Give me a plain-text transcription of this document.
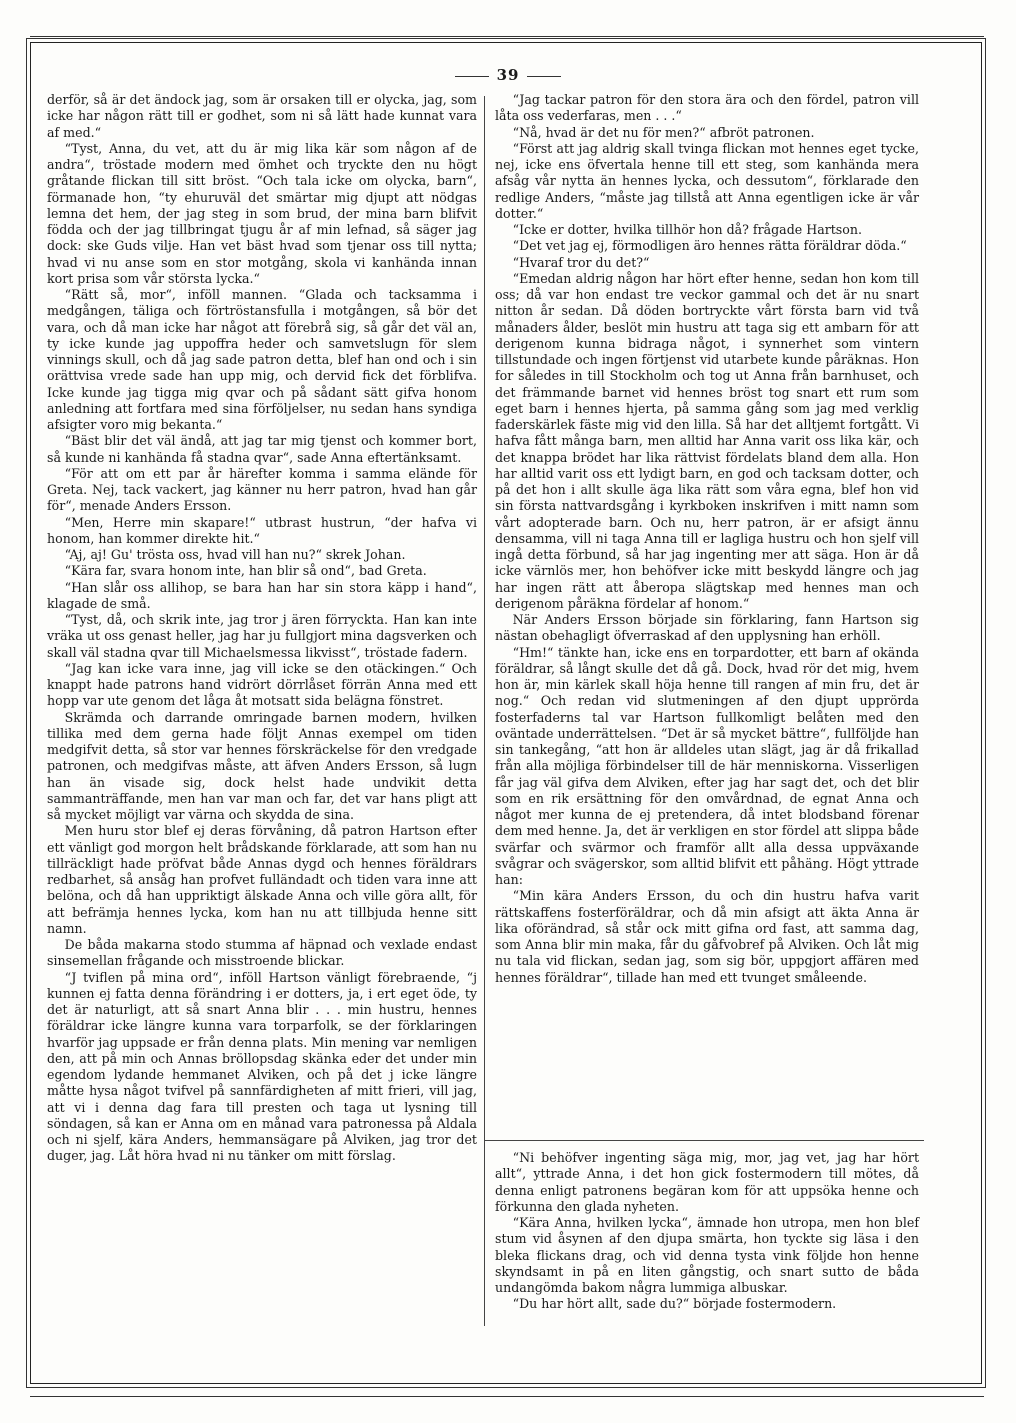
39

derför, så är det ändock jag, som är orsaken till er olycka, jag, som icke har någon rätt till er godhet, som ni så lätt hade kunnat vara af med.“

“Tyst, Anna, du vet, att du är mig lika kär som någon af de andra“, tröstade modern med ömhet och tryckte den nu högt gråtande flickan till sitt bröst. “Och tala icke om olycka, barn“, förmanade hon, “ty ehuruväl det smärtar mig djupt att nödgas lemna det hem, der jag steg in som brud, der mina barn blifvit födda och der jag tillbringat tjugu år af min lefnad, så säger jag dock: ske Guds vilje. Han vet bäst hvad som tjenar oss till nytta; hvad vi nu anse som en stor motgång, skola vi kanhända innan kort prisa som vår största lycka.“

“Rätt så, mor“, inföll mannen. “Glada och tacksamma i medgången, täliga och förtröstansfulla i motgången, så bör det vara, och då man icke har något att förebrå sig, så går det väl an, ty icke kunde jag uppoffra heder och samvetslugn för slem vinnings skull, och då jag sade patron detta, blef han ond och i sin orättvisa vrede sade han upp mig, och dervid fick det förblifva. Icke kunde jag tigga mig qvar och på sådant sätt gifva honom anledning att fortfara med sina förföljelser, nu sedan hans syndiga afsigter voro mig bekanta.“

“Bäst blir det väl ändå, att jag tar mig tjenst och kommer bort, så kunde ni kanhända få stadna qvar“, sade Anna eftertänksamt.

“För att om ett par år härefter komma i samma elände för Greta. Nej, tack vackert, jag känner nu herr patron, hvad han går för“, menade Anders Ersson.

“Men, Herre min skapare!“ utbrast hustrun, “der hafva vi honom, han kommer direkte hit.“

“Aj, aj! Gu' trösta oss, hvad vill han nu?“ skrek Johan.

“Kära far, svara honom inte, han blir så ond“, bad Greta.

“Han slår oss allihop, se bara han har sin stora käpp i hand“, klagade de små.

“Tyst, då, och skrik inte, jag tror j ären förryckta. Han kan inte vräka ut oss genast heller, jag har ju fullgjort mina dagsverken och skall väl stadna qvar till Michaelsmessa likvisst“, tröstade fadern.

“Jag kan icke vara inne, jag vill icke se den otäckingen.“ Och knappt hade patrons hand vidrört dörrlåset förrän Anna med ett hopp var ute genom det låga åt motsatt sida belägna fönstret.

Skrämda och darrande omringade barnen modern, hvilken tillika med dem gerna hade följt Annas exempel om tiden medgifvit detta, så stor var hennes förskräckelse för den vredgade patronen, och medgifvas måste, att äfven Anders Ersson, så lugn han än visade sig, dock helst hade undvikit detta sammanträffande, men han var man och far, det var hans pligt att så mycket möjligt var värna och skydda de sina.

Men huru stor blef ej deras förvåning, då patron Hartson efter ett vänligt god morgon helt brådskande förklarade, att som han nu tillräckligt hade pröfvat både Annas dygd och hennes föräldrars redbarhet, så ansåg han profvet fulländadt och tiden vara inne att belöna, och då han uppriktigt älskade Anna och ville göra allt, för att befrämja hennes lycka, kom han nu att tillbjuda henne sitt namn.

De båda makarna stodo stumma af häpnad och vexlade endast sinsemellan frågande och misstroende blickar.

“J tviflen på mina ord“, inföll Hartson vänligt förebraende, “j kunnen ej fatta denna förändring i er dotters, ja, i ert eget öde, ty det är naturligt, att så snart Anna blir . . . min hustru, hennes föräldrar icke längre kunna vara torparfolk, se der förklaringen hvarför jag uppsade er från denna plats. Min mening var nemligen den, att på min och Annas bröllopsdag skänka eder det under min egendom lydande hemmanet Alviken, och på det j icke längre måtte hysa något tvifvel på sannfärdigheten af mitt frieri, vill jag, att vi i denna dag fara till presten och taga ut lysning till söndagen, så kan er Anna om en månad vara patronessa på Aldala och ni sjelf, kära Anders, hemmansägare på Alviken, jag tror det duger, jag. Låt höra hvad ni nu tänker om mitt förslag.

“Jag tackar patron för den stora ära och den fördel, patron vill låta oss vederfaras, men . . .“

“Nå, hvad är det nu för men?“ afbröt patronen.

“Först att jag aldrig skall tvinga flickan mot hennes eget tycke, nej, icke ens öfvertala henne till ett steg, som kanhända mera afsåg vår nytta än hennes lycka, och dessutom“, förklarade den redlige Anders, “måste jag tillstå att Anna egentligen icke är vår dotter.“

“Icke er dotter, hvilka tillhör hon då? frågade Hartson.

“Det vet jag ej, förmodligen äro hennes rätta föräldrar döda.“

“Hvaraf tror du det?“

“Emedan aldrig någon har hört efter henne, sedan hon kom till oss; då var hon endast tre veckor gammal och det är nu snart nitton år sedan. Då döden bortryckte vårt första barn vid två månaders ålder, beslöt min hustru att taga sig ett ambarn för att derigenom kunna bidraga något, i synnerhet som vintern tillstundade och ingen förtjenst vid utarbete kunde påräknas. Hon for således in till Stockholm och tog ut Anna från barnhuset, och det främmande barnet vid hennes bröst tog snart ett rum som eget barn i hennes hjerta, på samma gång som jag med verklig faderskärlek fäste mig vid den lilla. Så har det alltjemt fortgått. Vi hafva fått många barn, men alltid har Anna varit oss lika kär, och det knappa brödet har lika rättvist fördelats bland dem alla. Hon har alltid varit oss ett lydigt barn, en god och tacksam dotter, och på det hon i allt skulle äga lika rätt som våra egna, blef hon vid sin första nattvardsgång i kyrkboken inskrifven i mitt namn som vårt adopterade barn. Och nu, herr patron, är er afsigt ännu densamma, vill ni taga Anna till er lagliga hustru och hon sjelf vill ingå detta förbund, så har jag ingenting mer att säga. Hon är då icke värnlös mer, hon behöfver icke mitt beskydd längre och jag har ingen rätt att åberopa slägtskap med hennes man och derigenom påräkna fördelar af honom.“

När Anders Ersson började sin förklaring, fann Hartson sig nästan obehagligt öfverraskad af den upplysning han erhöll.

“Hm!“ tänkte han, icke ens en torpardotter, ett barn af okända föräldrar, så långt skulle det då gå. Dock, hvad rör det mig, hvem hon är, min kärlek skall höja henne till rangen af min fru, det är nog.“ Och redan vid slutmeningen af den djupt upprörda fosterfaderns tal var Hartson fullkomligt belåten med den oväntade underrättelsen. “Det är så mycket bättre“, fullföljde han sin tankegång, “att hon är alldeles utan slägt, jag är då frikallad från alla möjliga förbindelser till de här menniskorna. Visserligen får jag väl gifva dem Alviken, efter jag har sagt det, och det blir som en rik ersättning för den omvårdnad, de egnat Anna och något mer kunna de ej pretendera, då intet blodsband förenar dem med henne. Ja, det är verkligen en stor fördel att slippa både svärfar och svärmor och framför allt alla dessa uppväxande svågrar och svägerskor, som alltid blifvit ett påhäng. Högt yttrade han:

“Min kära Anders Ersson, du och din hustru hafva varit rättskaffens fosterföräldrar, och då min afsigt att äkta Anna är lika oförändrad, så står ock mitt gifna ord fast, att samma dag, som Anna blir min maka, får du gåfvobref på Alviken. Och låt mig nu tala vid flickan, sedan jag, som sig bör, uppgjort affären med hennes föräldrar“, tillade han med ett tvunget småleende.

“Ni behöfver ingenting säga mig, mor, jag vet, jag har hört allt“, yttrade Anna, i det hon gick fostermodern till mötes, då denna enligt patronens begäran kom för att uppsöka henne och förkunna den glada nyheten.

“Kära Anna, hvilken lycka“, ämnade hon utropa, men hon blef stum vid åsynen af den djupa smärta, hon tyckte sig läsa i den bleka flickans drag, och vid denna tysta vink följde hon henne skyndsamt in på en liten gångstig, och snart sutto de båda undangömda bakom några lummiga albuskar.

“Du har hört allt, sade du?“ började fostermodern.
